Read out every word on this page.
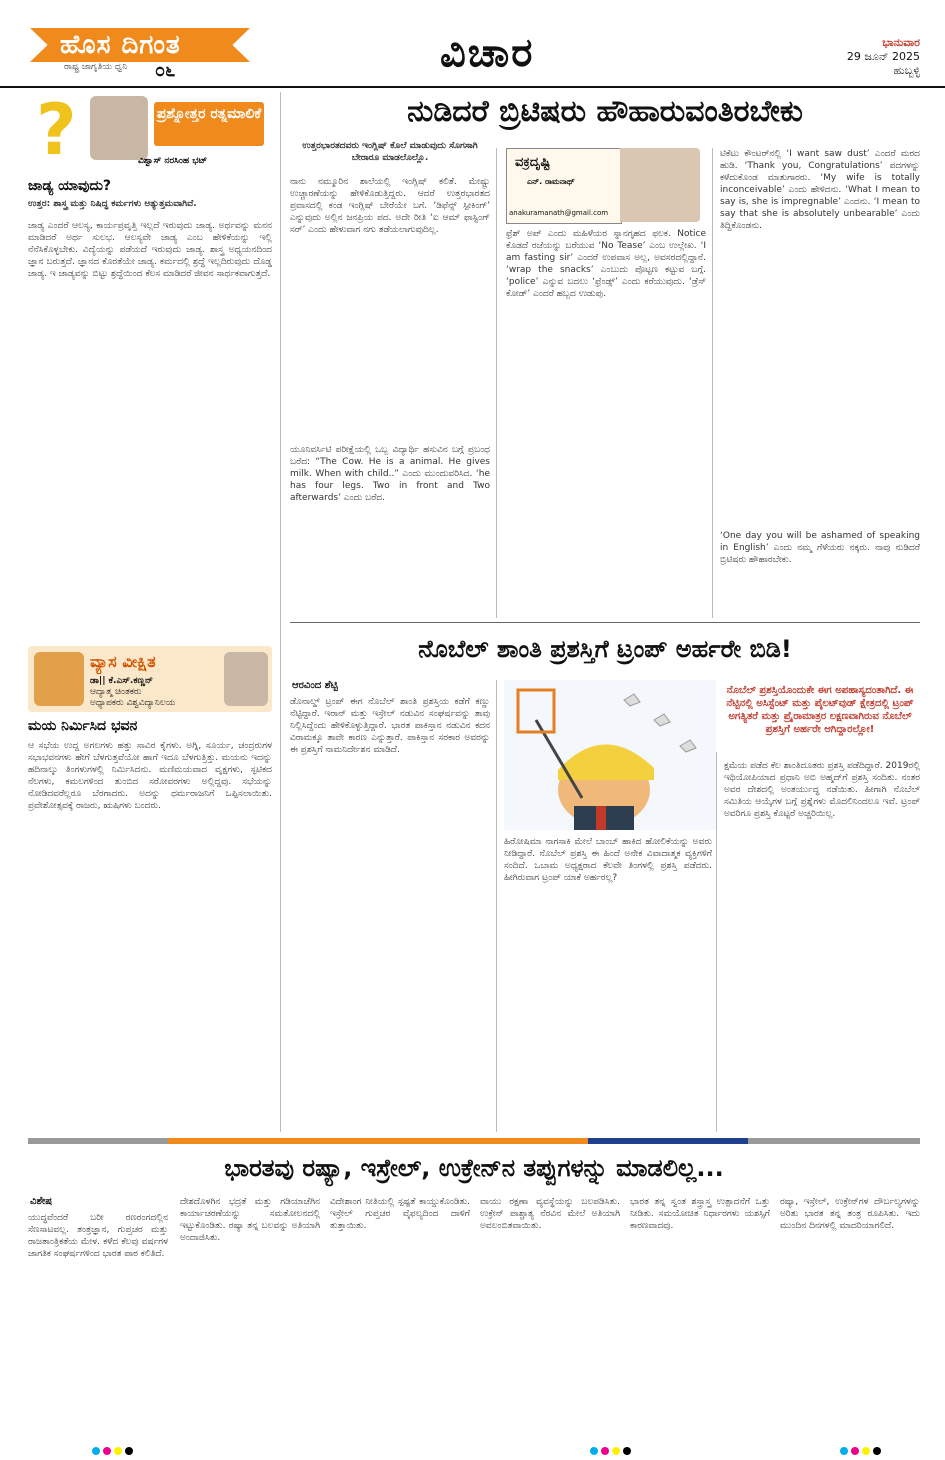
ಹೊಸ ದಿಗಂತ
ರಾಷ್ಟ್ರ ಜಾಗೃತಿಯ ಧ್ವನಿ ೦೬	ವಿಚಾರ	ಭಾನುವಾರ
29 ಜೂನ್ 2025
ಹುಬ್ಬಳ್ಳಿ
?	ಪ್ರಶ್ನೋತ್ತರ ರತ್ನಮಾಲಿಕೆ
ವಿಶ್ವಾಸ್ ನರಸಿಂಹ ಭಟ್
ಜಾಡ್ಯ ಯಾವುದು?
ಉತ್ತರ: ಶಾಸ್ತ್ರ ಮತ್ತು ನಿಷಿದ್ಧ ಕರ್ಮಗಳು ಅತ್ಯುತ್ತಮವಾಗಿವೆ.
ಜಾಡ್ಯ ಎಂದರೆ ಆಲಸ್ಯ, ಕಾರ್ಯಪ್ರವೃತ್ತಿ ಇಲ್ಲದೆ ಇರುವುದು ಜಾಡ್ಯ. ಅರ್ಥವನ್ನು ಮನನ ಮಾಡಿದರೆ ಅರ್ಥ ಸುಲಭ. ಆಲಸ್ಯವೇ ಜಾಡ್ಯ ಎಂಬ ಹೇಳಿಕೆಯನ್ನು ಇಲ್ಲಿ ನೆನೆಸಿಕೊಳ್ಳಬೇಕು. ವಿದ್ಯೆಯನ್ನು ಪಡೆಯದೆ ಇರುವುದು ಜಾಡ್ಯ. ಶಾಸ್ತ್ರ ಅಧ್ಯಯನದಿಂದ ಜ್ಞಾನ ಬರುತ್ತದೆ. ಜ್ಞಾನದ ಕೊರತೆಯೇ ಜಾಡ್ಯ. ಕರ್ಮದಲ್ಲಿ ಶ್ರದ್ಧೆ ಇಲ್ಲದಿರುವುದು ದೊಡ್ಡ ಜಾಡ್ಯ. ಇ ಜಾಡ್ಯವನ್ನು ಬಿಟ್ಟು ಶ್ರದ್ಧೆಯಿಂದ ಕೆಲಸ ಮಾಡಿದರೆ ಜೀವನ ಸಾರ್ಥಕವಾಗುತ್ತದೆ.
ವ್ಯಾಸ ವೀಕ್ಷಿತ
ಡಾ|| ಕೆ.ಎಸ್.ಕಣ್ಣನ್
ಆದ್ಯಾತ್ಮ ಚಿಂತಕರು
ಅಧ್ಯಾಪಕರು ವಿಶ್ವವಿದ್ಯಾನಿಲಯ
ಮಯ ನಿರ್ಮಿಸಿದ ಭವನ
ಆ ಸಭೆಯ ಉದ್ದ ಅಗಲಗಳು ಹತ್ತು ಸಾವಿರ ಕೈಗಳು. ಅಗ್ನಿ, ಸೂರ್ಯ, ಚಂದ್ರರುಗಳ ಸಭಾಭವನಗಳು ಹೇಗೆ ಬೆಳಗುತ್ತವೆಯೋ ಹಾಗೆ ಇದೂ ಬೆಳಗುತ್ತಿತ್ತು. ಮಯನು ಇದನ್ನು ಹದಿನಾಲ್ಕು ತಿಂಗಳುಗಳಲ್ಲಿ ನಿರ್ಮಿಸಿದನು. ಮಣಿಮಯವಾದ ವೃಕ್ಷಗಳು, ಸ್ಫಟಿಕದ ನೆಲಗಳು, ಕಮಲಗಳಿಂದ ತುಂಬಿದ ಸರೋವರಗಳು ಅಲ್ಲಿದ್ದವು. ಸಭೆಯನ್ನು ನೋಡಿದವರೆಲ್ಲರೂ ಬೆರಗಾದರು. ಅದನ್ನು ಧರ್ಮರಾಜನಿಗೆ ಒಪ್ಪಿಸಲಾಯಿತು. ಪ್ರವೇಶೋತ್ಸವಕ್ಕೆ ರಾಜರು, ಋಷಿಗಳು ಬಂದರು.
ನುಡಿದರೆ ಬ್ರಿಟಿಷರು ಹೌಹಾರುವಂತಿರಬೇಕು
ಉತ್ತರಭಾರತದವರು ಇಂಗ್ಲಿಷ್ ಕೊಲೆ ಮಾಡುವುದು ಸೊಗಸಾಗಿ ಬೇರಾರೂ ಮಾಡಲೊಲ್ಲೊ.	ವಕ್ರದೃಷ್ಟಿ
ಎನ್. ರಾಮನಾಥ್
anakuramanath@gmail.com
ನಾನು ನಮ್ಮೂರಿನ ಶಾಲೆಯಲ್ಲಿ ಇಂಗ್ಲಿಷ್ ಕಲಿತೆ. ಮೇಷ್ಟ್ರು ಉಚ್ಚಾರಣೆಯನ್ನು ಹೇಳಿಕೊಡುತ್ತಿದ್ದರು. ಆದರೆ ಉತ್ತರಭಾರತದ ಪ್ರವಾಸದಲ್ಲಿ ಕಂಡ ಇಂಗ್ಲಿಷ್ ಬೇರೆಯೇ ಬಗೆ. ‘ಡಿಫೆನ್ಸ್ ಸ್ಪೀಕಿಂಗ್’ ಎನ್ನುವುದು ಅಲ್ಲಿನ ಜನಪ್ರಿಯ ಪದ. ಅದೇ ರೀತಿ ‘ಐ ಆಮ್ ಫಾಸ್ಟಿಂಗ್ ಸರ್’ ಎಂದು ಹೇಳುವಾಗ ನಗು ತಡೆಯಲಾಗುವುದಿಲ್ಲ.
ಯೂನಿವರ್ಸಿಟಿ ಪರೀಕ್ಷೆಯಲ್ಲಿ ಒಬ್ಬ ವಿದ್ಯಾರ್ಥಿ ಹಸುವಿನ ಬಗ್ಗೆ ಪ್ರಬಂಧ ಬರೆದ: “The Cow. He is a animal. He gives milk. When with child..” ಎಂದು ಮುಂದುವರಿಸಿದ. ‘he has four legs. Two in front and Two afterwards’ ಎಂದು ಬರೆದ.
ಫ್ರೆಶ್ ಅಪ್ ಎಂದು ಮಹಿಳೆಯರ ಸ್ನಾನಗೃಹದ ಫಲಕ. Notice ಕೊಡದೆ ರಜೆಯನ್ನು ಬರೆಯುವ ‘No Tease’ ಎಂಬ ಉಲ್ಲೇಖ. ‘I am fasting sir’ ಎಂದರೆ ಉಪವಾಸ ಅಲ್ಲ, ಅವಸರದಲ್ಲಿದ್ದಾನೆ. ‘wrap the snacks’ ಎಂಬುದು ಪೊಟ್ಟಣ ಕಟ್ಟುವ ಬಗ್ಗೆ. ‘police’ ಎನ್ನುವ ಬದಲು ‘ಫ್ರೆಂಡ್ಸ್’ ಎಂದು ಕರೆಯುವುದು. ‘ಡ್ರೆಸ್ ಕೋಡ್’ ಎಂದರೆ ಹಬ್ಬದ ಉಡುಪು.
ಟಿಕೆಟು ಕೌಂಟರ್‌ನಲ್ಲಿ ‘I want saw dust’ ಎಂದರೆ ಮರದ ಹುಡಿ. ‘Thank you, Congratulations’ ಪದಗಳನ್ನು ಕಳೆದುಕೊಂಡ ಮಾತುಗಾರರು. ‘My wife is totally inconceivable’ ಎಂದು ಹೇಳಿದನು. ‘What I mean to say is, she is impregnable’ ಎಂದನು. ‘I mean to say that she is absolutely unbearable’ ಎಂದು ತಿದ್ದಿಕೊಂಡನು.
‘One day you will be ashamed of speaking in English’ ಎಂದು ನಮ್ಮ ಗೆಳೆಯರು ನಕ್ಕರು. ನಾವು ನುಡಿದರೆ ಬ್ರಿಟಿಷರು ಹೌಹಾರಬೇಕು.
ನೊಬೆಲ್ ಶಾಂತಿ ಪ್ರಶಸ್ತಿಗೆ ಟ್ರಂಪ್ ಅರ್ಹರೇ ಬಿಡಿ!
ಆರವಿಂದ ಶೆಟ್ಟಿ
ಡೊನಾಲ್ಡ್ ಟ್ರಂಪ್ ಈಗ ನೊಬೆಲ್ ಶಾಂತಿ ಪ್ರಶಸ್ತಿಯ ಕಡೆಗೆ ಕಣ್ಣು ನೆಟ್ಟಿದ್ದಾರೆ. ಇರಾನ್ ಮತ್ತು ಇಸ್ರೇಲ್ ನಡುವಿನ ಸಂಘರ್ಷವನ್ನು ತಾವು ನಿಲ್ಲಿಸಿದ್ದೆಂದು ಹೇಳಿಕೊಳ್ಳುತ್ತಿದ್ದಾರೆ. ಭಾರತ ಪಾಕಿಸ್ತಾನ ನಡುವಿನ ಕದನ ವಿರಾಮಕ್ಕೂ ತಾವೇ ಕಾರಣ ಎನ್ನುತ್ತಾರೆ. ಪಾಕಿಸ್ತಾನ ಸರಕಾರ ಅವರನ್ನು ಈ ಪ್ರಶಸ್ತಿಗೆ ನಾಮನಿರ್ದೇಶನ ಮಾಡಿದೆ.
ನೊಬೆಲ್ ಪ್ರಶಸ್ತಿಯೊಂದುಕೇ ಈಗ ಅಪಹಾಸ್ಯದಂತಾಗಿದೆ. ಈ ನೆಟ್ಟಿನಲ್ಲಿ ಅಸಿಸ್ಟೆಂಟ್ ಮತ್ತು ಪೈಲಟ್‌ವುಡ್ ಕ್ಷೇತ್ರದಲ್ಲಿ ಟ್ರಂಪ್ ಅಗತ್ಯಿತರೆ ಮತ್ತು ಪ್ರೈರಾಮಾತ್ರರ ಲಕ್ಷಣವಾಗಿರುವ ನೊಬೆಲ್ ಪ್ರಶಸ್ತಿಗೆ ಅರ್ಹರೇ ಆಗಿದ್ದಾರಲ್ಲೋ!
ಹಿರೋಷಿಮಾ ನಾಗಸಾಕಿ ಮೇಲೆ ಬಾಂಬ್ ಹಾಕಿದ ಹೋಲಿಕೆಯನ್ನು ಅವರು ನೀಡಿದ್ದಾರೆ. ನೊಬೆಲ್ ಪ್ರಶಸ್ತಿ ಈ ಹಿಂದೆ ಅನೇಕ ವಿವಾದಾತ್ಮಕ ವ್ಯಕ್ತಿಗಳಿಗೆ ಸಂದಿದೆ. ಒಬಾಮ ಅಧ್ಯಕ್ಷರಾದ ಕೆಲವೇ ತಿಂಗಳಲ್ಲಿ ಪ್ರಶಸ್ತಿ ಪಡೆದರು. ಹೀಗಿರುವಾಗ ಟ್ರಂಪ್ ಯಾಕೆ ಅರ್ಹರಲ್ಲ?
ಕ್ಷಮೆಯ ಪಡೆದ ಕೆಲ ಶಾಂತಿದೂತರು ಪ್ರಶಸ್ತಿ ಪಡೆದಿದ್ದಾರೆ. 2019ರಲ್ಲಿ ಇಥಿಯೋಪಿಯಾದ ಪ್ರಧಾನಿ ಅಬಿ ಅಹ್ಮದ್‌ಗೆ ಪ್ರಶಸ್ತಿ ಸಂದಿತು. ನಂತರ ಅವರ ದೇಶದಲ್ಲಿ ಅಂತರ್ಯುದ್ಧ ನಡೆಯಿತು. ಹೀಗಾಗಿ ನೊಬೆಲ್ ಸಮಿತಿಯ ಆಯ್ಕೆಗಳ ಬಗ್ಗೆ ಪ್ರಶ್ನೆಗಳು ಮೊದಲಿನಿಂದಲೂ ಇವೆ. ಟ್ರಂಪ್ ಅವರಿಗೂ ಪ್ರಶಸ್ತಿ ಕೊಟ್ಟರೆ ಅಚ್ಚರಿಯಿಲ್ಲ.
ಭಾರತವು ರಷ್ಯಾ, ಇಸ್ರೇಲ್, ಉಕ್ರೇನ್‌ನ ತಪ್ಪುಗಳನ್ನು ಮಾಡಲಿಲ್ಲ...
ವಿಶೇಷ
ಯುದ್ಧವೆಂದರೆ ಬರೀ ರಣರಂಗದಲ್ಲಿನ ಸೆಣಸಾಟವಲ್ಲ. ತಂತ್ರಜ್ಞಾನ, ಗುಪ್ತಚರ ಮತ್ತು ರಾಜತಾಂತ್ರಿಕತೆಯ ಮೇಳ. ಕಳೆದ ಕೆಲವು ವರ್ಷಗಳ ಜಾಗತಿಕ ಸಂಘರ್ಷಗಳಿಂದ ಭಾರತ ಪಾಠ ಕಲಿತಿದೆ.
ದೇಶದೊಳಗಿನ ಭದ್ರತೆ ಮತ್ತು ಗಡಿಯಾಚೆಗಿನ ಕಾರ್ಯಾಚರಣೆಯನ್ನು ಸಮತೋಲನದಲ್ಲಿ ಇಟ್ಟುಕೊಂಡಿತು. ರಷ್ಯಾ ತನ್ನ ಬಲವನ್ನು ಅತಿಯಾಗಿ ಅಂದಾಜಿಸಿತು.
ವಿದೇಶಾಂಗ ನೀತಿಯಲ್ಲಿ ಸ್ಪಷ್ಟತೆ ಕಾಯ್ದುಕೊಂಡಿತು. ಇಸ್ರೇಲ್ ಗುಪ್ತಚರ ವೈಫಲ್ಯದಿಂದ ದಾಳಿಗೆ ತುತ್ತಾಯಿತು.
ವಾಯು ರಕ್ಷಣಾ ವ್ಯವಸ್ಥೆಯನ್ನು ಬಲಪಡಿಸಿತು. ಉಕ್ರೇನ್ ಪಾಶ್ಚಾತ್ಯ ನೆರವಿನ ಮೇಲೆ ಅತಿಯಾಗಿ ಅವಲಂಬಿತವಾಯಿತು.
ಭಾರತ ತನ್ನ ಸ್ವಂತ ಶಸ್ತ್ರಾಸ್ತ್ರ ಉತ್ಪಾದನೆಗೆ ಒತ್ತು ನೀಡಿತು. ಸಮಯೋಚಿತ ನಿರ್ಧಾರಗಳು ಯಶಸ್ಸಿಗೆ ಕಾರಣವಾದವು.
ರಷ್ಯಾ, ಇಸ್ರೇಲ್, ಉಕ್ರೇನ್‌ಗಳ ದೌರ್ಬಲ್ಯಗಳನ್ನು ಅರಿತು ಭಾರತ ತನ್ನ ತಂತ್ರ ರೂಪಿಸಿತು. ಇದು ಮುಂದಿನ ದಿನಗಳಲ್ಲಿ ಮಾದರಿಯಾಗಲಿದೆ.
